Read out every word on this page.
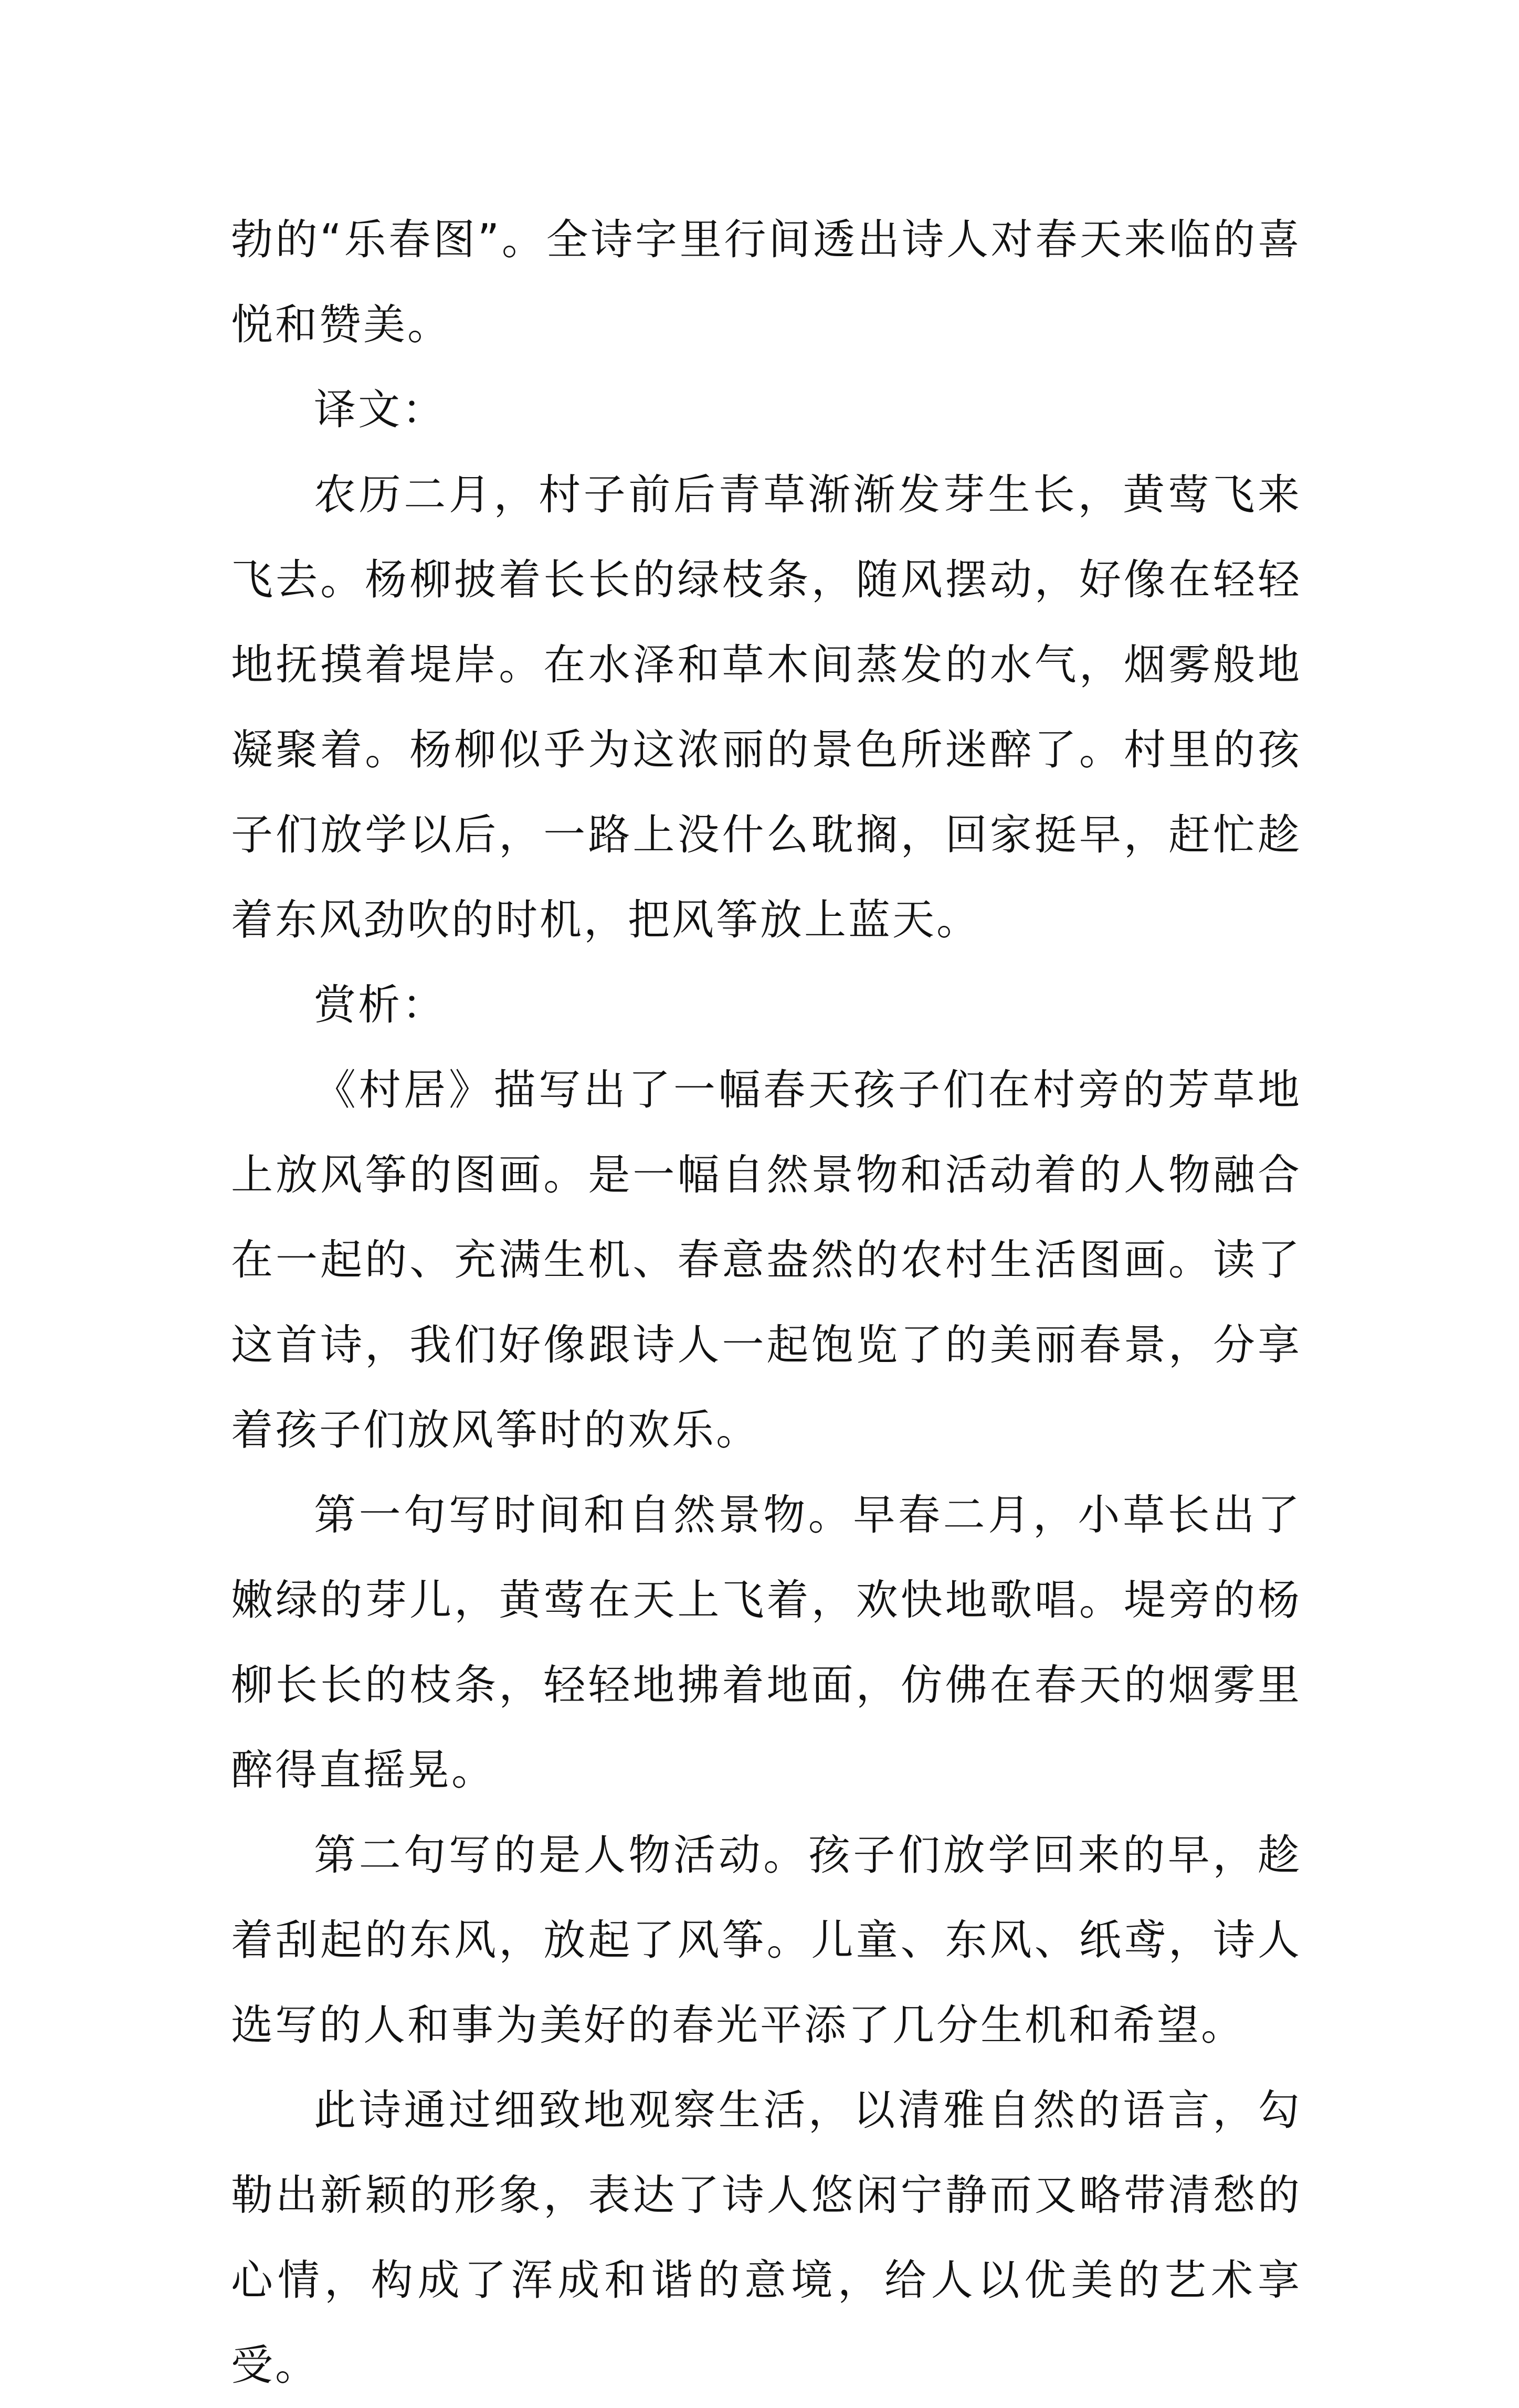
勃的“乐春图”。全诗字里行间透出诗人对春天来临的喜悦和赞美。

译文：

农历二月，村子前后青草渐渐发芽生长，黄莺飞来飞去。杨柳披着长长的绿枝条，随风摆动，好像在轻轻地抚摸着堤岸。在水泽和草木间蒸发的水气，烟雾般地凝聚着。杨柳似乎为这浓丽的景色所迷醉了。村里的孩子们放学以后，一路上没什么耽搁，回家挺早，赶忙趁着东风劲吹的时机，把风筝放上蓝天。

赏析：

《村居》描写出了一幅春天孩子们在村旁的芳草地上放风筝的图画。是一幅自然景物和活动着的人物融合在一起的、充满生机、春意盎然的农村生活图画。读了这首诗，我们好像跟诗人一起饱览了的美丽春景，分享着孩子们放风筝时的欢乐。

第一句写时间和自然景物。早春二月，小草长出了嫩绿的芽儿，黄莺在天上飞着，欢快地歌唱。堤旁的杨柳长长的枝条，轻轻地拂着地面，仿佛在春天的烟雾里醉得直摇晃。

第二句写的是人物活动。孩子们放学回来的早，趁着刮起的东风，放起了风筝。儿童、东风、纸鸢，诗人选写的人和事为美好的春光平添了几分生机和希望。

此诗通过细致地观察生活，以清雅自然的语言，勾勒出新颖的形象，表达了诗人悠闲宁静而又略带清愁的心情，构成了浑成和谐的意境，给人以优美的艺术享受。
